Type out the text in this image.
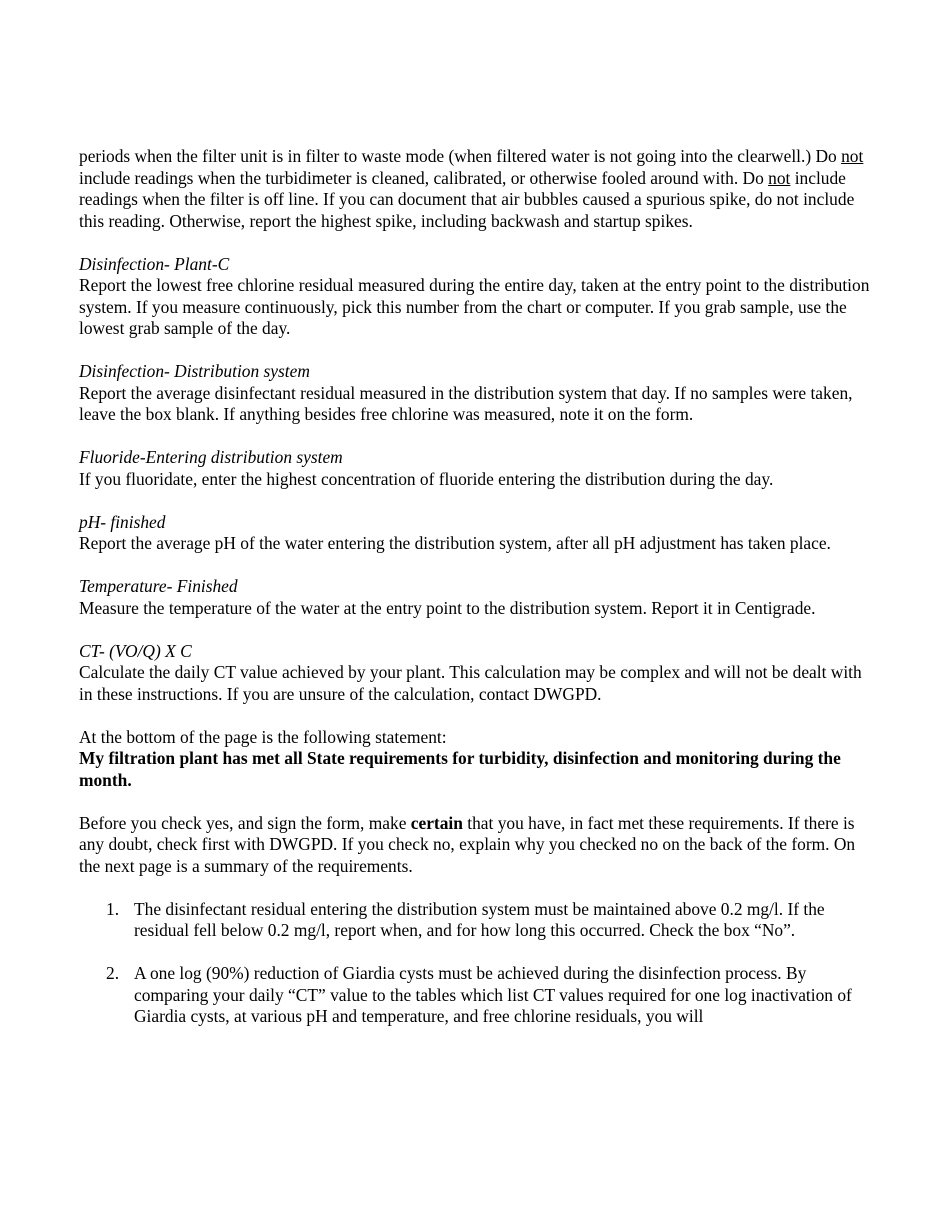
periods when the filter unit is in filter to waste mode (when filtered water is not going into the clearwell.) Do not include readings when the turbidimeter is cleaned, calibrated, or otherwise fooled around with. Do not include readings when the filter is off line. If you can document that air bubbles caused a spurious spike, do not include this reading. Otherwise, report the highest spike, including backwash and startup spikes.

Disinfection- Plant-C

Report the lowest free chlorine residual measured during the entire day, taken at the entry point to the distribution system. If you measure continuously, pick this number from the chart or computer. If you grab sample, use the lowest grab sample of the day.

Disinfection- Distribution system

Report the average disinfectant residual measured in the distribution system that day. If no samples were taken, leave the box blank. If anything besides free chlorine was measured, note it on the form.

Fluoride-Entering distribution system

If you fluoridate, enter the highest concentration of fluoride entering the distribution during the day.

pH- finished

Report the average pH of the water entering the distribution system, after all pH adjustment has taken place.

Temperature- Finished

Measure the temperature of the water at the entry point to the distribution system. Report it in Centigrade.

CT- (VO/Q) X C

Calculate the daily CT value achieved by your plant. This calculation may be complex and will not be dealt with in these instructions. If you are unsure of the calculation, contact DWGPD.

At the bottom of the page is the following statement:

My filtration plant has met all State requirements for turbidity, disinfection and monitoring during the month.

Before you check yes, and sign the form, make certain that you have, in fact met these requirements. If there is any doubt, check first with DWGPD. If you check no, explain why you checked no on the back of the form. On the next page is a summary of the requirements.

1. The disinfectant residual entering the distribution system must be maintained above 0.2 mg/l. If the residual fell below 0.2 mg/l, report when, and for how long this occurred. Check the box “No”.
2. A one log (90%) reduction of Giardia cysts must be achieved during the disinfection process. By comparing your daily “CT” value to the tables which list CT values required for one log inactivation of Giardia cysts, at various pH and temperature, and free chlorine residuals, you will
